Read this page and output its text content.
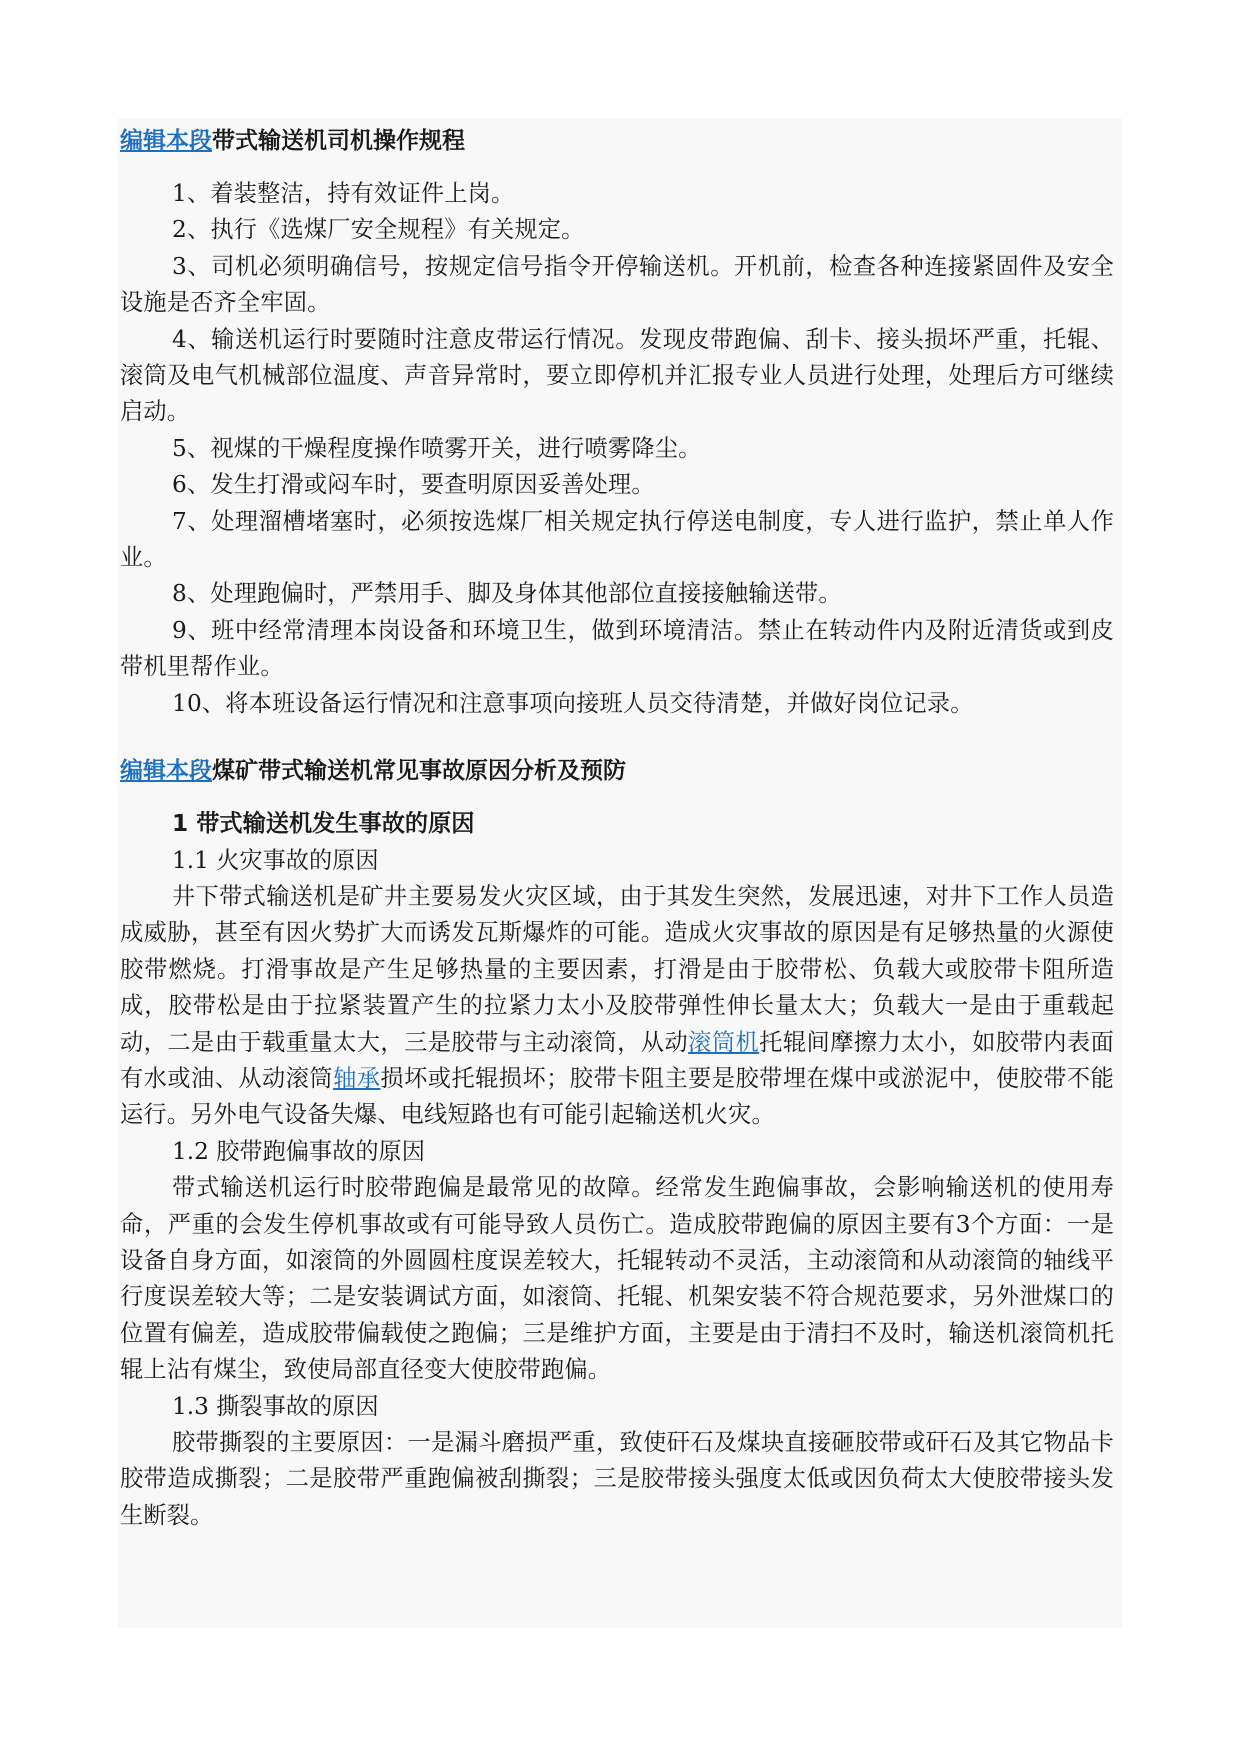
编辑本段带式输送机司机操作规程

1、着装整洁，持有效证件上岗。

2、执行《选煤厂安全规程》有关规定。

3、司机必须明确信号，按规定信号指令开停输送机。开机前，检查各种连接紧固件及安全设施是否齐全牢固。

4、输送机运行时要随时注意皮带运行情况。发现皮带跑偏、刮卡、接头损坏严重，托辊、滚筒及电气机械部位温度、声音异常时，要立即停机并汇报专业人员进行处理，处理后方可继续启动。

5、视煤的干燥程度操作喷雾开关，进行喷雾降尘。

6、发生打滑或闷车时，要查明原因妥善处理。

7、处理溜槽堵塞时，必须按选煤厂相关规定执行停送电制度，专人进行监护，禁止单人作业。

8、处理跑偏时，严禁用手、脚及身体其他部位直接接触输送带。

9、班中经常清理本岗设备和环境卫生，做到环境清洁。禁止在转动件内及附近清货或到皮带机里帮作业。

10、将本班设备运行情况和注意事项向接班人员交待清楚，并做好岗位记录。

编辑本段煤矿带式输送机常见事故原因分析及预防

1 带式输送机发生事故的原因

1.1 火灾事故的原因

井下带式输送机是矿井主要易发火灾区域，由于其发生突然，发展迅速，对井下工作人员造成威胁，甚至有因火势扩大而诱发瓦斯爆炸的可能。造成火灾事故的原因是有足够热量的火源使胶带燃烧。打滑事故是产生足够热量的主要因素，打滑是由于胶带松、负载大或胶带卡阻所造成，胶带松是由于拉紧装置产生的拉紧力太小及胶带弹性伸长量太大；负载大一是由于重载起动，二是由于载重量太大，三是胶带与主动滚筒，从动滚筒机托辊间摩擦力太小，如胶带内表面有水或油、从动滚筒轴承损坏或托辊损坏；胶带卡阻主要是胶带埋在煤中或淤泥中，使胶带不能运行。另外电气设备失爆、电线短路也有可能引起输送机火灾。

1.2 胶带跑偏事故的原因

带式输送机运行时胶带跑偏是最常见的故障。经常发生跑偏事故，会影响输送机的使用寿命，严重的会发生停机事故或有可能导致人员伤亡。造成胶带跑偏的原因主要有3个方面：一是设备自身方面，如滚筒的外圆圆柱度误差较大，托辊转动不灵活，主动滚筒和从动滚筒的轴线平行度误差较大等；二是安装调试方面，如滚筒、托辊、机架安装不符合规范要求，另外泄煤口的位置有偏差，造成胶带偏载使之跑偏；三是维护方面，主要是由于清扫不及时，输送机滚筒机托辊上沾有煤尘，致使局部直径变大使胶带跑偏。

1.3 撕裂事故的原因

胶带撕裂的主要原因：一是漏斗磨损严重，致使矸石及煤块直接砸胶带或矸石及其它物品卡胶带造成撕裂；二是胶带严重跑偏被刮撕裂；三是胶带接头强度太低或因负荷太大使胶带接头发生断裂。
